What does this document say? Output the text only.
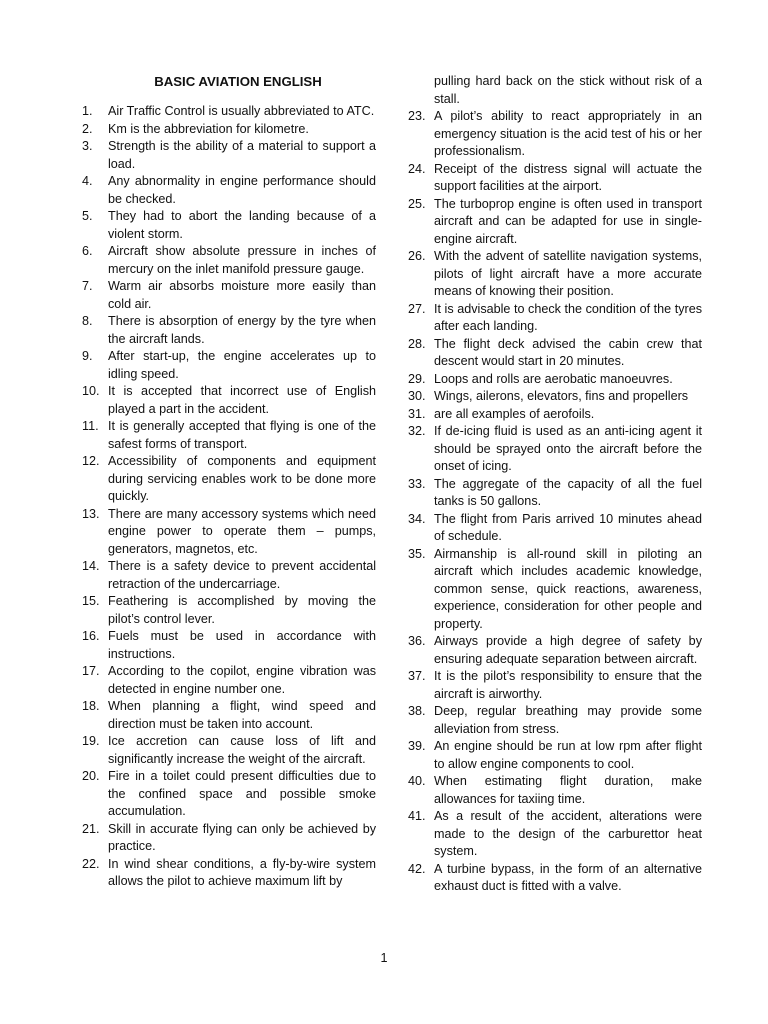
BASIC AVIATION ENGLISH
1.	Air Traffic Control is usually abbreviated to ATC.
2.	Km is the abbreviation for kilometre.
3.	Strength is the ability of a material to support a load.
4.	Any abnormality in engine performance should be checked.
5.	They had to abort the landing because of a violent storm.
6.	Aircraft show absolute pressure in inches of mercury on the inlet manifold pressure gauge.
7.	Warm air absorbs moisture more easily than cold air.
8.	There is absorption of energy by the tyre when the aircraft lands.
9.	After start-up, the engine accelerates up to idling speed.
10. It is accepted that incorrect use of English played a part in the accident.
11. It is generally accepted that flying is one of the safest forms of transport.
12. Accessibility of components and equipment during servicing enables work to be done more quickly.
13. There are many accessory systems which need engine power to operate them – pumps, generators, magnetos, etc.
14. There is a safety device to prevent accidental retraction of the undercarriage.
15. Feathering is accomplished by moving the pilot’s control lever.
16. Fuels must be used in accordance with instructions.
17. According to the copilot, engine vibration was detected in engine number one.
18. When planning a flight, wind speed and direction must be taken into account.
19. Ice accretion can cause loss of lift and significantly increase the weight of the aircraft.
20. Fire in a toilet could present difficulties due to the confined space and possible smoke accumulation.
21. Skill in accurate flying can only be achieved by practice.
22. In wind shear conditions, a fly-by-wire system allows the pilot to achieve maximum lift by
pulling hard back on the stick without risk of a stall.
23. A pilot’s ability to react appropriately in an emergency situation is the acid test of his or her professionalism.
24. Receipt of the distress signal will actuate the support facilities at the airport.
25. The turboprop engine is often used in transport aircraft and can be adapted for use in single-engine aircraft.
26. With the advent of satellite navigation systems, pilots of light aircraft have a more accurate means of knowing their position.
27. It is advisable to check the condition of the tyres after each landing.
28. The flight deck advised the cabin crew that descent would start in 20 minutes.
29. Loops and rolls are aerobatic manoeuvres.
30. Wings, ailerons, elevators, fins and propellers
31. are all examples of aerofoils.
32. If de-icing fluid is used as an anti-icing agent it should be sprayed onto the aircraft before the onset of icing.
33. The aggregate of the capacity of all the fuel tanks is 50 gallons.
34. The flight from Paris arrived 10 minutes ahead of schedule.
35. Airmanship is all-round skill in piloting an aircraft which includes academic knowledge, common sense, quick reactions, awareness, experience, consideration for other people and property.
36. Airways provide a high degree of safety by ensuring adequate separation between aircraft.
37. It is the pilot’s responsibility to ensure that the aircraft is airworthy.
38. Deep, regular breathing may provide some alleviation from stress.
39. An engine should be run at low rpm after flight to allow engine components to cool.
40. When estimating flight duration, make allowances for taxiing time.
41. As a result of the accident, alterations were made to the design of the carburettor heat system.
42. A turbine bypass, in the form of an alternative exhaust duct is fitted with a valve.
1
